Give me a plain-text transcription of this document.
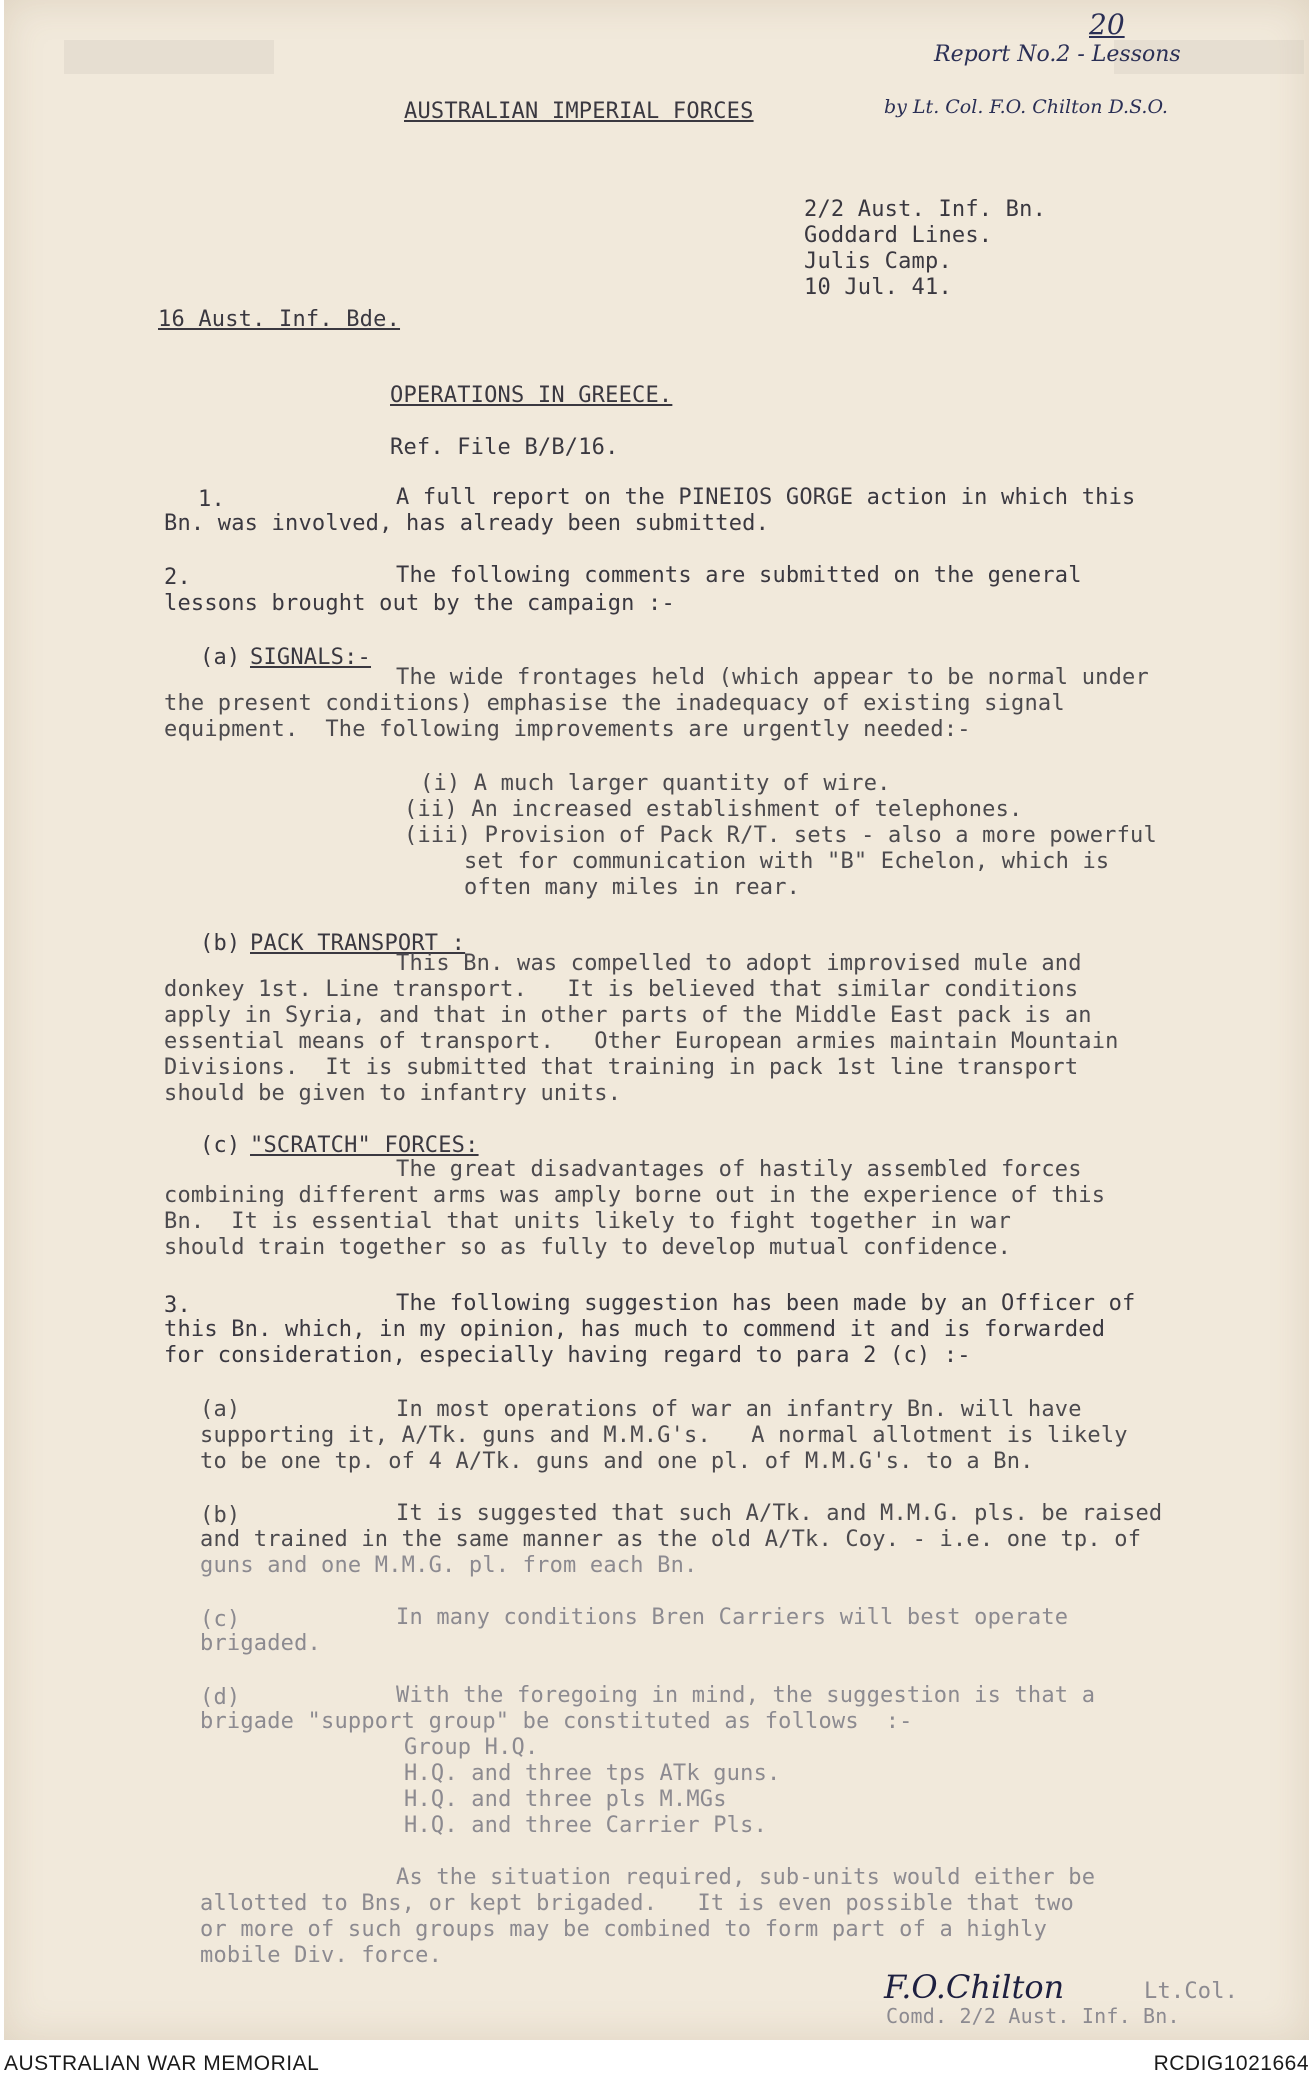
20
Report No.2 - Lessons
by Lt. Col. F.O. Chilton D.S.O.
AUSTRALIAN IMPERIAL FORCES
2/2 Aust. Inf. Bn.
Goddard Lines.
Julis Camp.
10 Jul. 41.
16 Aust. Inf. Bde.
OPERATIONS IN GREECE.
Ref. File B/B/16.
1.	A full report on the PINEIOS GORGE action in which this
Bn. was involved, has already been submitted.
2.	The following comments are submitted on the general
lessons brought out by the campaign :-
(a) SIGNALS:-
The wide frontages held (which appear to be normal under
the present conditions) emphasise the inadequacy of existing signal
equipment.  The following improvements are urgently needed:-
(i) A much larger quantity of wire.
(ii) An increased establishment of telephones.
(iii) Provision of Pack R/T. sets - also a more powerful
set for communication with "B" Echelon, which is
often many miles in rear.
(b) PACK TRANSPORT :
This Bn. was compelled to adopt improvised mule and
donkey 1st. Line transport.   It is believed that similar conditions
apply in Syria, and that in other parts of the Middle East pack is an
essential means of transport.   Other European armies maintain Mountain
Divisions.  It is submitted that training in pack 1st line transport
should be given to infantry units.
(c) "SCRATCH" FORCES:
The great disadvantages of hastily assembled forces
combining different arms was amply borne out in the experience of this
Bn.  It is essential that units likely to fight together in war
should train together so as fully to develop mutual confidence.
3.	The following suggestion has been made by an Officer of
this Bn. which, in my opinion, has much to commend it and is forwarded
for consideration, especially having regard to para 2 (c) :-
(a)	In most operations of war an infantry Bn. will have
supporting it, A/Tk. guns and M.M.G's.   A normal allotment is likely
to be one tp. of 4 A/Tk. guns and one pl. of M.M.G's. to a Bn.
(b)	It is suggested that such A/Tk. and M.M.G. pls. be raised
and trained in the same manner as the old A/Tk. Coy. - i.e. one tp. of
guns and one M.M.G. pl. from each Bn.
(c)	In many conditions Bren Carriers will best operate
brigaded.
(d)	With the foregoing in mind, the suggestion is that a
brigade "support group" be constituted as follows  :-
Group H.Q.
H.Q. and three tps ATk guns.
H.Q. and three pls M.MGs
H.Q. and three Carrier Pls.
As the situation required, sub-units would either be
allotted to Bns, or kept brigaded.   It is even possible that two
or more of such groups may be combined to form part of a highly
mobile Div. force.
F.O.Chilton	Lt.Col.
Comd. 2/2 Aust. Inf. Bn.
AUSTRALIAN WAR MEMORIAL	RCDIG1021664
